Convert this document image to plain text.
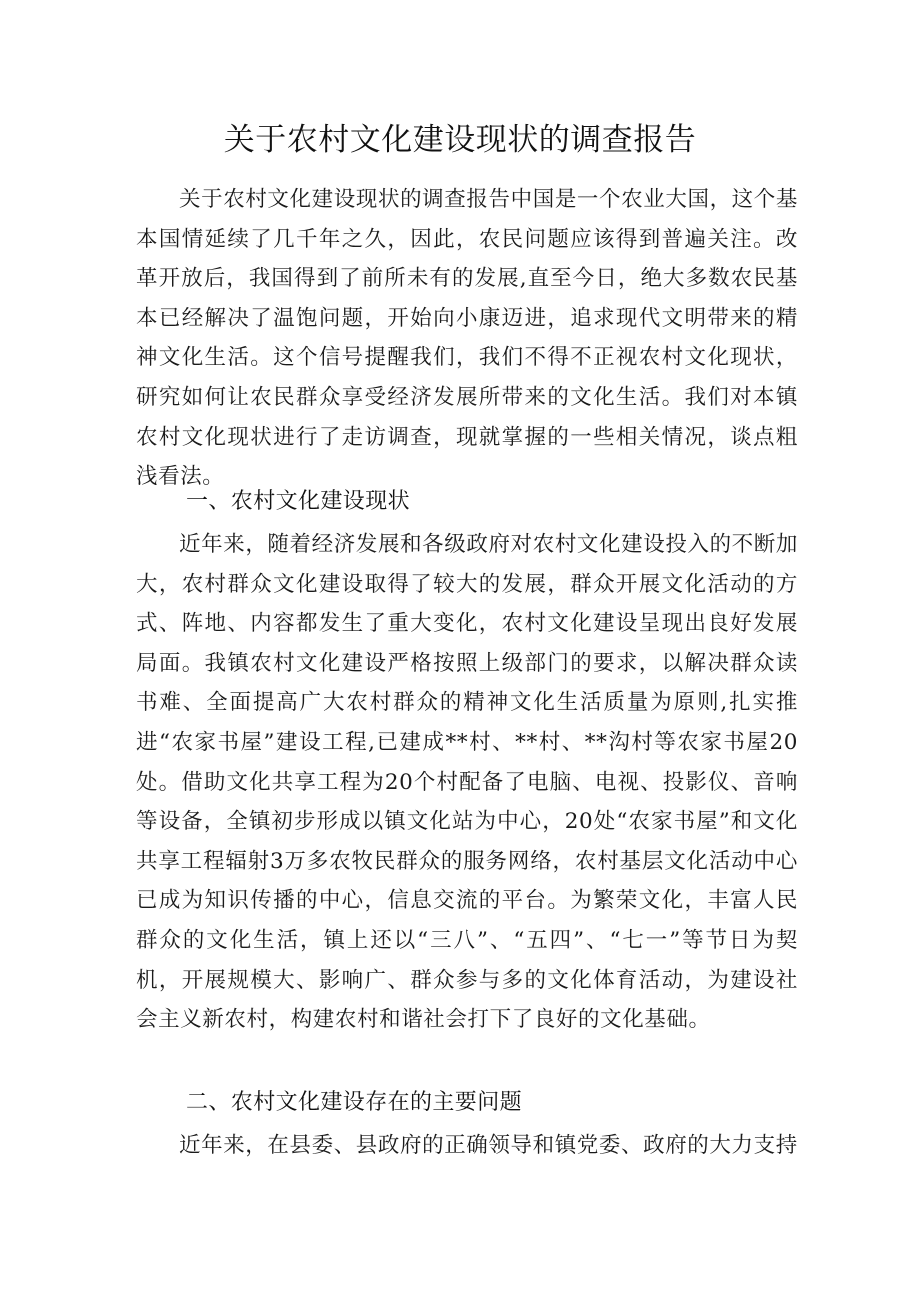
关于农村文化建设现状的调查报告

关于农村文化建设现状的调查报告中国是一个农业大国，这个基本国情延续了几千年之久，因此，农民问题应该得到普遍关注。改革开放后，我国得到了前所未有的发展,直至今日，绝大多数农民基本已经解决了温饱问题，开始向小康迈进，追求现代文明带来的精神文化生活。这个信号提醒我们，我们不得不正视农村文化现状，研究如何让农民群众享受经济发展所带来的文化生活。我们对本镇农村文化现状进行了走访调查，现就掌握的一些相关情况，谈点粗浅看法。

一、农村文化建设现状

近年来，随着经济发展和各级政府对农村文化建设投入的不断加大，农村群众文化建设取得了较大的发展，群众开展文化活动的方式、阵地、内容都发生了重大变化，农村文化建设呈现出良好发展局面。我镇农村文化建设严格按照上级部门的要求，以解决群众读书难、全面提高广大农村群众的精神文化生活质量为原则,扎实推进“农家书屋”建设工程,已建成**村、**村、**沟村等农家书屋20处。借助文化共享工程为20个村配备了电脑、电视、投影仪、音响等设备，全镇初步形成以镇文化站为中心，20处“农家书屋”和文化共享工程辐射3万多农牧民群众的服务网络，农村基层文化活动中心已成为知识传播的中心，信息交流的平台。为繁荣文化，丰富人民群众的文化生活，镇上还以“三八”、“五四”、“七一”等节日为契机，开展规模大、影响广、群众参与多的文化体育活动，为建设社会主义新农村，构建农村和谐社会打下了良好的文化基础。

二、农村文化建设存在的主要问题

近年来，在县委、县政府的正确领导和镇党委、政府的大力支持
